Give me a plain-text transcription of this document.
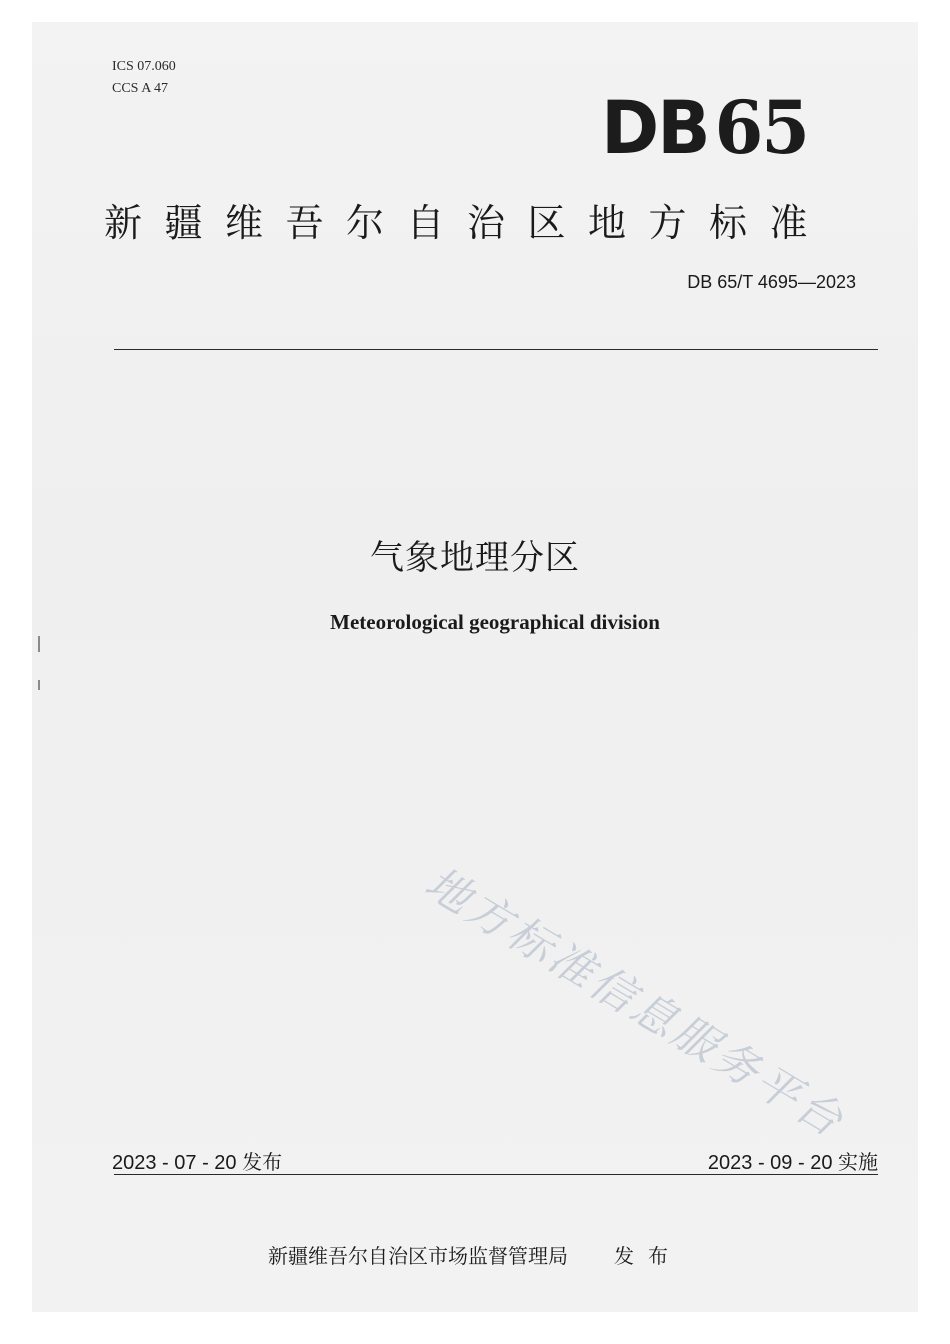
ICS 07.060
CCS A 47	DB65
新疆维吾尔自治区地方标准
DB 65/T 4695—2023
气象地理分区
Meteorological geographical division
地方标准信息服务平台
2023 - 07 - 20 发布	2023 - 09 - 20 实施
新疆维吾尔自治区市场监督管理局 发布
